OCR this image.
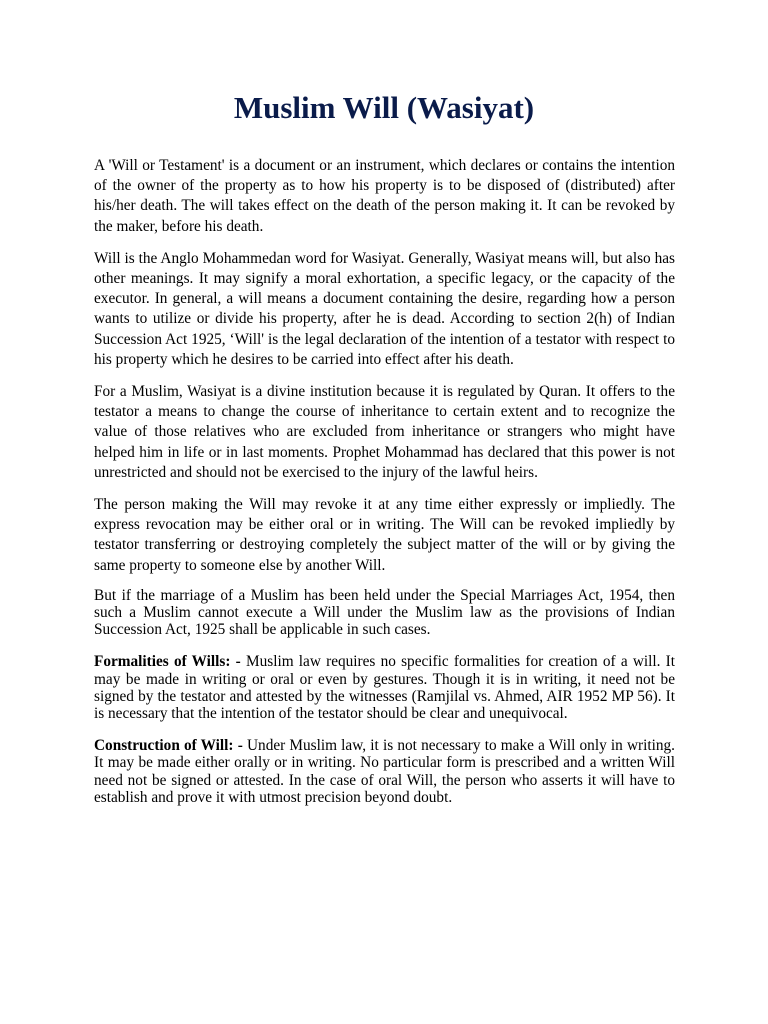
Muslim Will (Wasiyat)

A 'Will or Testament' is a document or an instrument, which declares or contains the intention of the owner of the property as to how his property is to be disposed of (distributed) after his/her death. The will takes effect on the death of the person making it. It can be revoked by the maker, before his death.

Will is the Anglo Mohammedan word for Wasiyat. Generally, Wasiyat means will, but also has other meanings. It may signify a moral exhortation, a specific legacy, or the capacity of the executor. In general, a will means a document containing the desire, regarding how a person wants to utilize or divide his property, after he is dead. According to section 2(h) of Indian Succession Act 1925, ‘Will' is the legal declaration of the intention of a testator with respect to his property which he desires to be carried into effect after his death.

For a Muslim, Wasiyat is a divine institution because it is regulated by Quran. It offers to the testator a means to change the course of inheritance to certain extent and to recognize the value of those relatives who are excluded from inheritance or strangers who might have helped him in life or in last moments. Prophet Mohammad has declared that this power is not unrestricted and should not be exercised to the injury of the lawful heirs.

The person making the Will may revoke it at any time either expressly or impliedly. The express revocation may be either oral or in writing. The Will can be revoked impliedly by testator transferring or destroying completely the subject matter of the will or by giving the same property to someone else by another Will.

But if the marriage of a Muslim has been held under the Special Marriages Act, 1954, then such a Muslim cannot execute a Will under the Muslim law as the provisions of Indian Succession Act, 1925 shall be applicable in such cases.

Formalities of Wills: - Muslim law requires no specific formalities for creation of a will. It may be made in writing or oral or even by gestures. Though it is in writing, it need not be signed by the testator and attested by the witnesses (Ramjilal vs. Ahmed, AIR 1952 MP 56). It is necessary that the intention of the testator should be clear and unequivocal.

Construction of Will: - Under Muslim law, it is not necessary to make a Will only in writing. It may be made either orally or in writing. No particular form is prescribed and a written Will need not be signed or attested. In the case of oral Will, the person who asserts it will have to establish and prove it with utmost precision beyond doubt.
